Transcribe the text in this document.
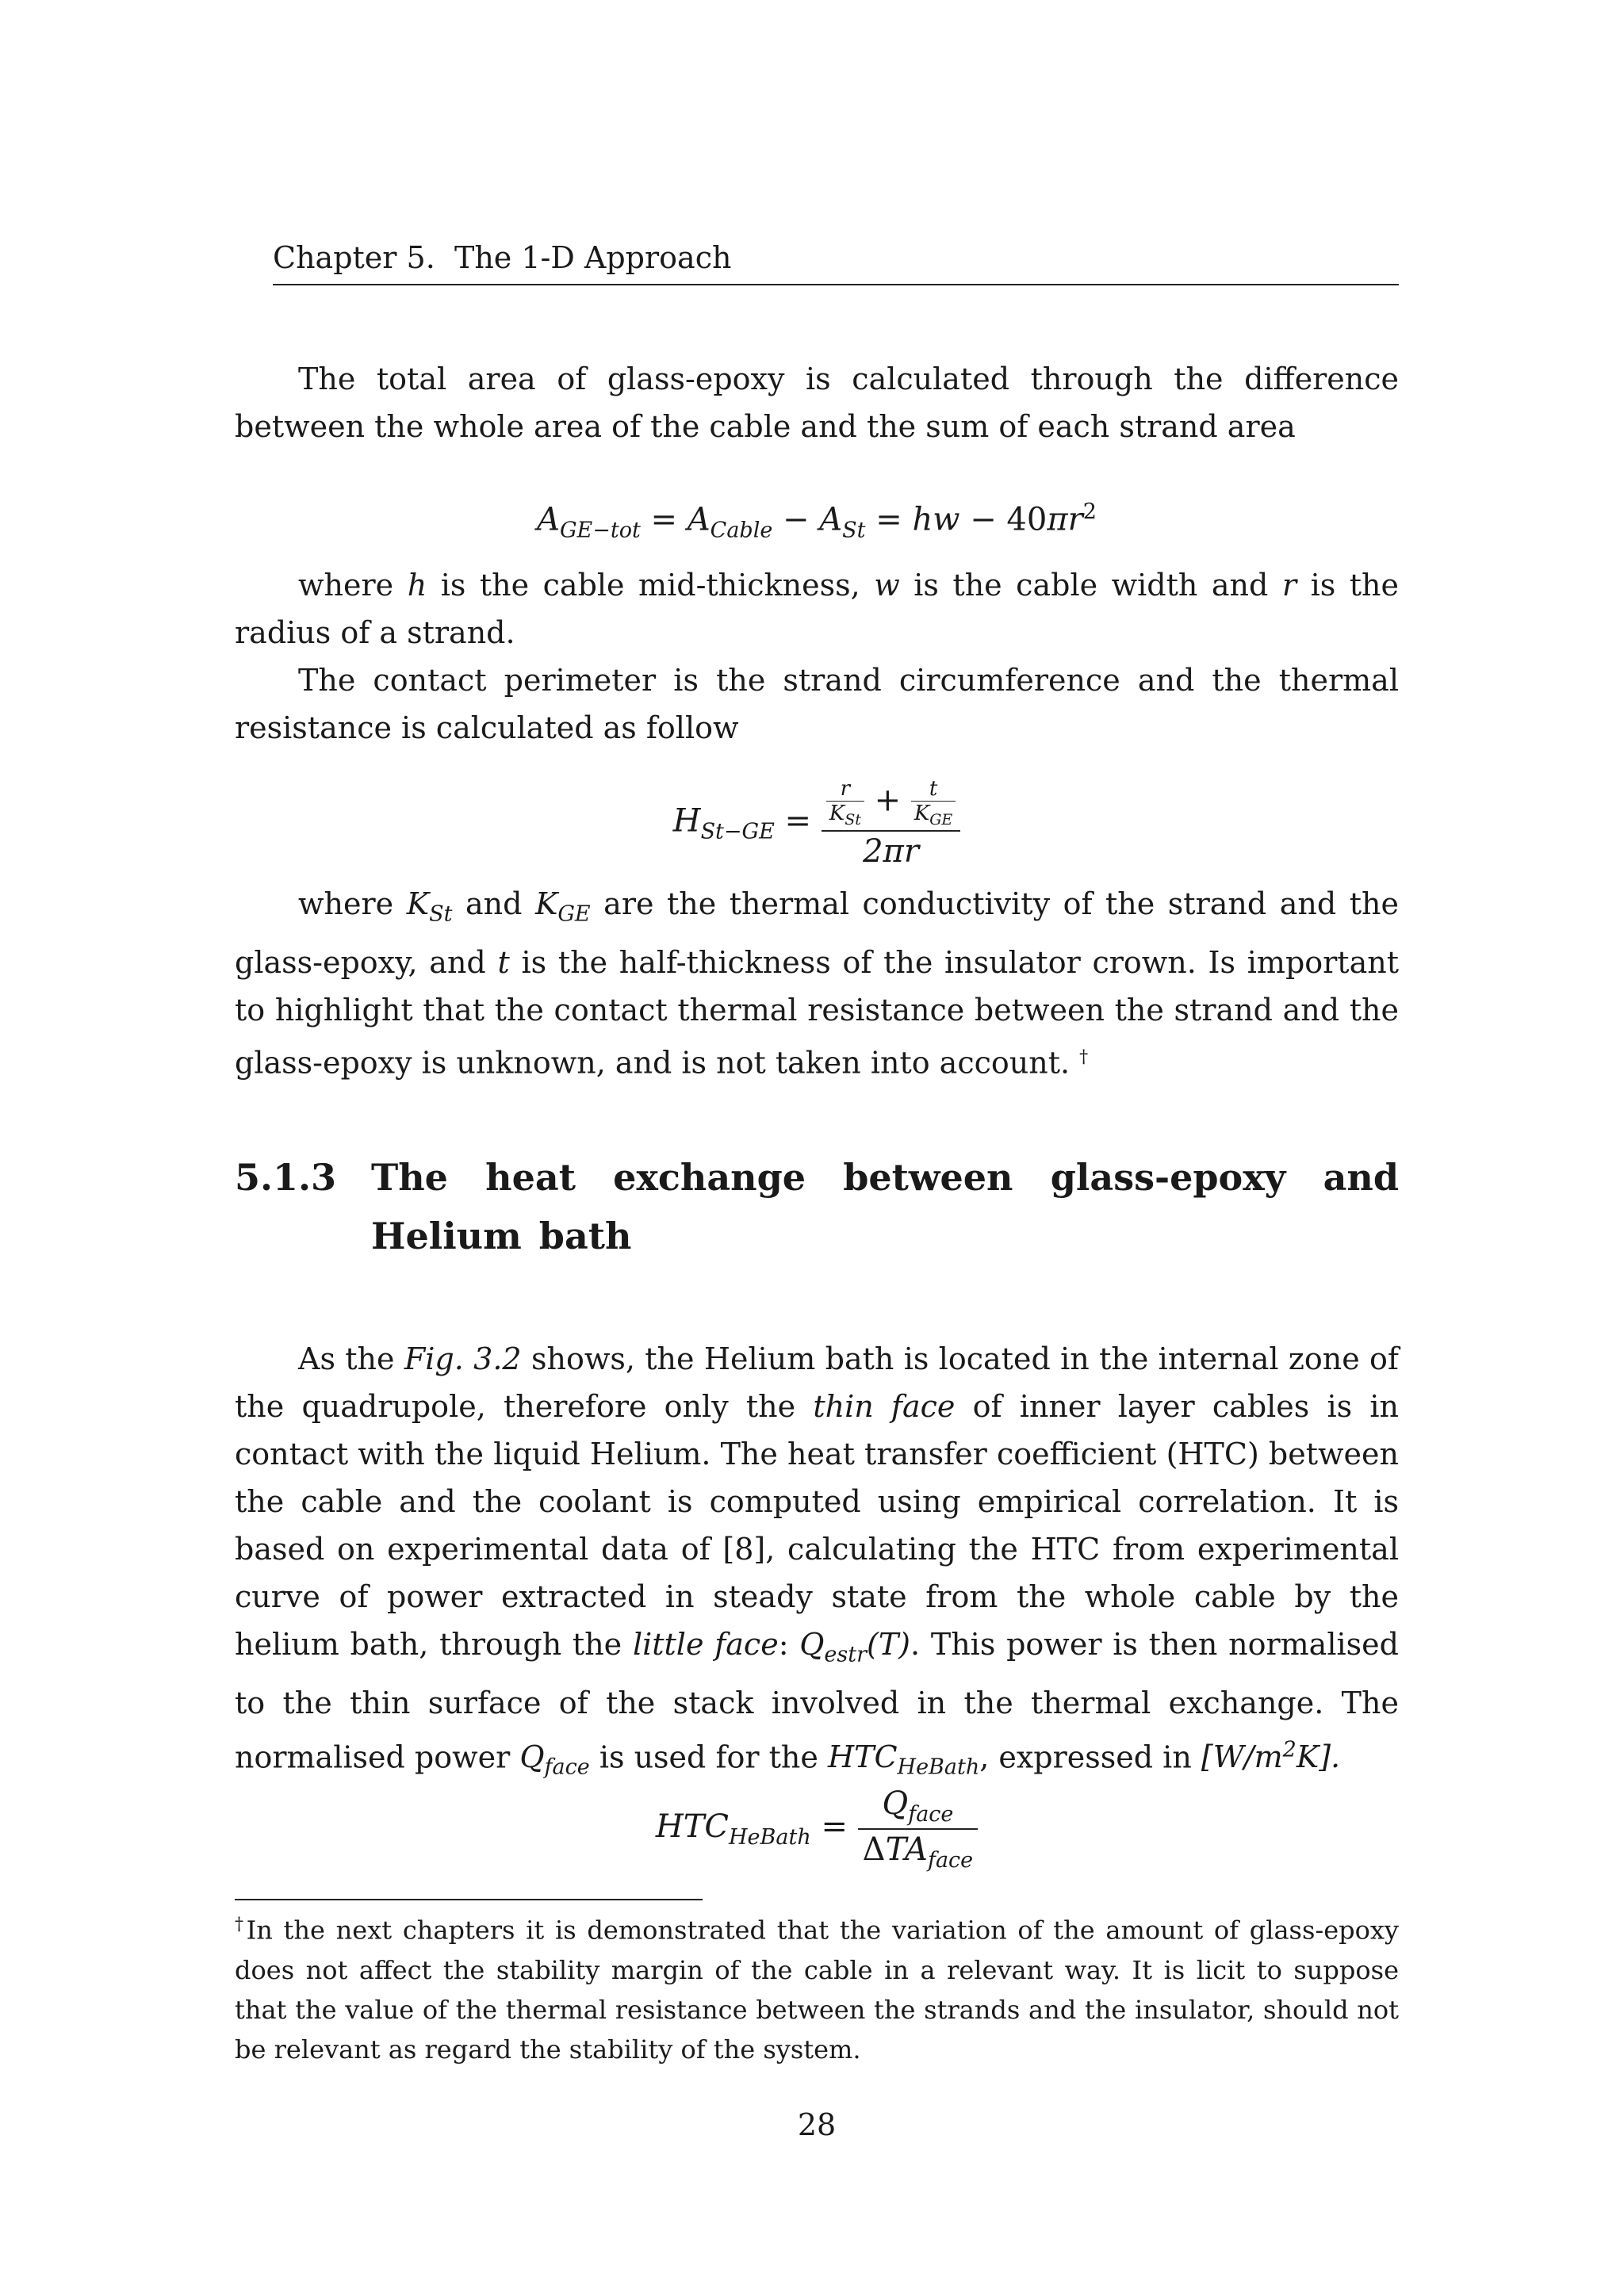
Chapter 5. The 1-D Approach
The total area of glass-epoxy is calculated through the difference between the whole area of the cable and the sum of each strand area
$A_{GE-tot} = A_{Cable} - A_{St}$ = hw − $40\pi r^2$
where h is the cable mid-thickness, w is the cable width and r is the radius of a strand.
The contact perimeter is the strand circumference and the thermal resistance is calculated as follow
$H_{St-GE} = \frac{\frac{r}{K_{St}} + \frac{t}{K_{GE}}}{2\pi r}$
where $K_{St}$ and $K_{GE}$ are the thermal conductivity of the strand and the glass-epoxy, and t is the half-thickness of the insulator crown. Is important to highlight that the contact thermal resistance between the strand and the glass-epoxy is unknown, and is not taken into account. †
5.1.3 The heat exchange between glass-epoxy and Helium bath
As the Fig. 3.2 shows, the Helium bath is located in the internal zone of the quadrupole, therefore only the thin face of inner layer cables is in contact with the liquid Helium. The heat transfer coefficient (HTC) between the cable and the coolant is computed using empirical correlation. It is based on experimental data of [8], calculating the HTC from experimental curve of power extracted in steady state from the whole cable by the helium bath, through the little face: $Q_{estr}(T)$. This power is then normalised to the thin surface of the stack involved in the thermal exchange. The normalised power $Q_{face}$ is used for the $HTC_{HeBath}$, expressed in $[W/m^2K]$.
$HTC_{HeBath} = \frac{Q_{face}}{\Delta TA_{face}}$
†In the next chapters it is demonstrated that the variation of the amount of glass-epoxy does not affect the stability margin of the cable in a relevant way. It is licit to suppose that the value of the thermal resistance between the strands and the insulator, should not be relevant as regard the stability of the system.
28
